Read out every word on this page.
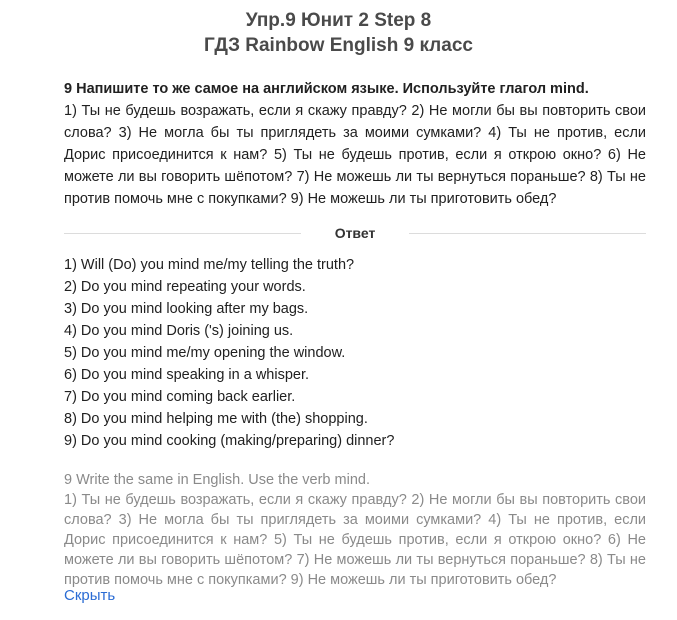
Упр.9 Юнит 2 Step 8
ГДЗ Rainbow English 9 класс
9 Напишите то же самое на английском языке. Используйте глагол mind.
1) Ты не будешь возражать, если я скажу правду? 2) Не могли бы вы повторить свои слова? 3) Не могла бы ты приглядеть за моими сумками? 4) Ты не против, если Дорис присоединится к нам? 5) Ты не будешь против, если я открою окно? 6) Не можете ли вы говорить шёпотом? 7) Не можешь ли ты вернуться пораньше? 8) Ты не против помочь мне с покупками? 9) Не можешь ли ты приготовить обед?
Ответ
1) Will (Do) you mind me/my telling the truth?
2) Do you mind repeating your words.
3) Do you mind looking after my bags.
4) Do you mind Doris ('s) joining us.
5) Do you mind me/my opening the window.
6) Do you mind speaking in a whisper.
7) Do you mind coming back earlier.
8) Do you mind helping me with (the) shopping.
9) Do you mind cooking (making/preparing) dinner?
9 Write the same in English. Use the verb mind.
1) Ты не будешь возражать, если я скажу правду? 2) Не могли бы вы повторить свои слова? 3) Не могла бы ты приглядеть за моими сумками? 4) Ты не против, если Дорис присоединится к нам? 5) Ты не будешь против, если я открою окно? 6) Не можете ли вы говорить шёпотом? 7) Не можешь ли ты вернуться пораньше? 8) Ты не против помочь мне с покупками? 9) Не можешь ли ты приготовить обед?
Скрыть
